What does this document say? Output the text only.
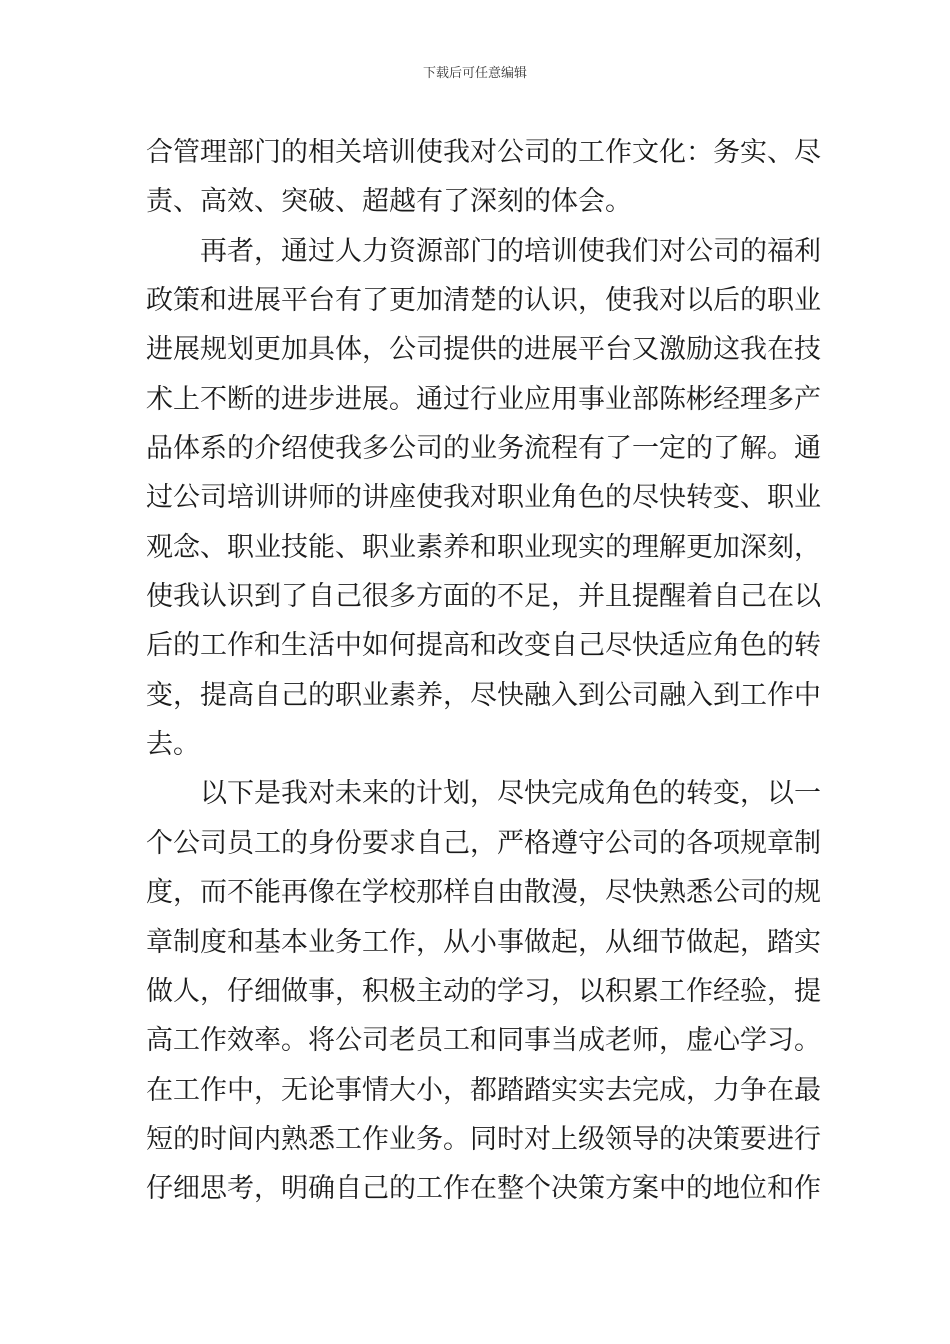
下载后可任意编辑
合管理部门的相关培训使我对公司的工作文化：务实、尽
责、高效、突破、超越有了深刻的体会。
再者，通过人力资源部门的培训使我们对公司的福利
政策和进展平台有了更加清楚的认识，使我对以后的职业
进展规划更加具体，公司提供的进展平台又激励这我在技
术上不断的进步进展。通过行业应用事业部陈彬经理多产
品体系的介绍使我多公司的业务流程有了一定的了解。通
过公司培训讲师的讲座使我对职业角色的尽快转变、职业
观念、职业技能、职业素养和职业现实的理解更加深刻，
使我认识到了自己很多方面的不足，并且提醒着自己在以
后的工作和生活中如何提高和改变自己尽快适应角色的转
变，提高自己的职业素养，尽快融入到公司融入到工作中
去。
以下是我对未来的计划，尽快完成角色的转变，以一
个公司员工的身份要求自己，严格遵守公司的各项规章制
度，而不能再像在学校那样自由散漫，尽快熟悉公司的规
章制度和基本业务工作，从小事做起，从细节做起，踏实
做人，仔细做事，积极主动的学习，以积累工作经验，提
高工作效率。将公司老员工和同事当成老师，虚心学习。
在工作中，无论事情大小，都踏踏实实去完成，力争在最
短的时间内熟悉工作业务。同时对上级领导的决策要进行
仔细思考，明确自己的工作在整个决策方案中的地位和作
